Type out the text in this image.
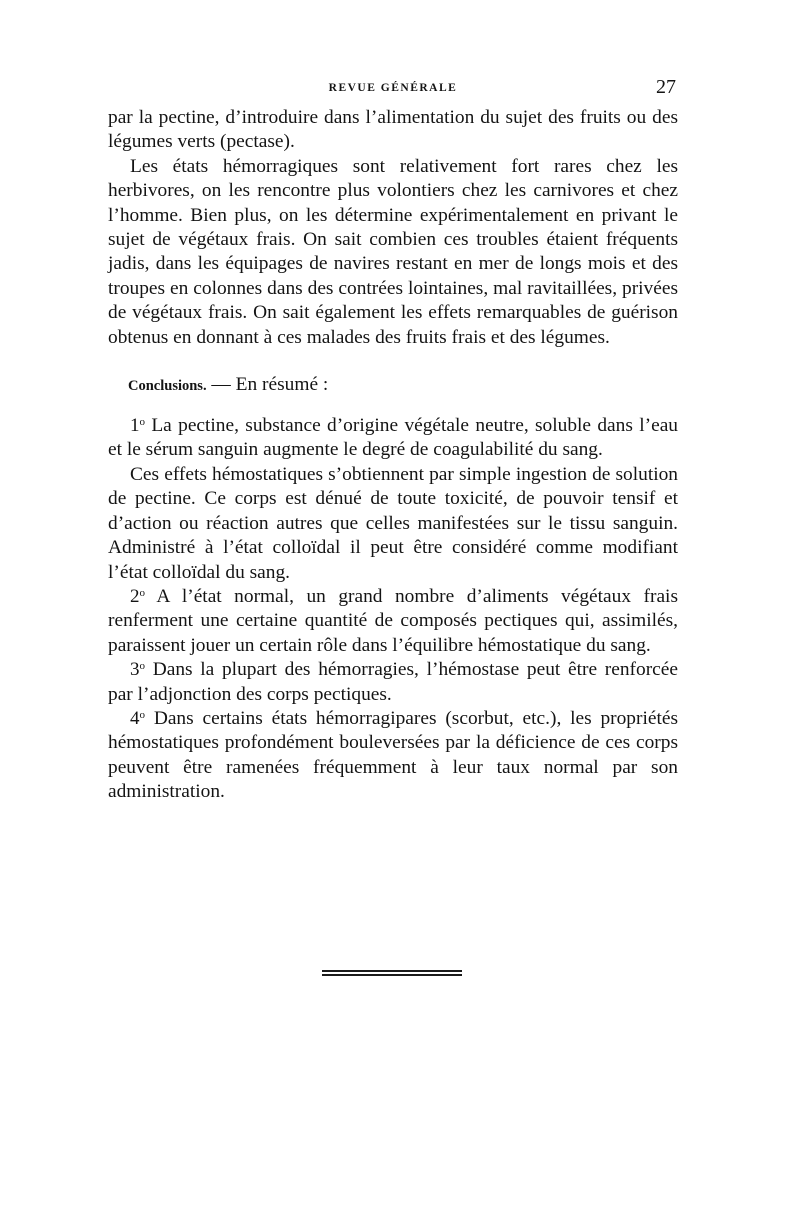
REVUE GÉNÉRALE	27

par la pectine, d’introduire dans l’alimentation du sujet des fruits ou des légumes verts (pectase).

Les états hémorragiques sont relativement fort rares chez les herbivores, on les rencontre plus volontiers chez les carnivores et chez l’homme. Bien plus, on les détermine expérimentalement en privant le sujet de végétaux frais. On sait combien ces troubles étaient fréquents jadis, dans les équipages de navires restant en mer de longs mois et des troupes en colonnes dans des contrées lointaines, mal ravitaillées, privées de végétaux frais. On sait également les effets remarquables de guérison obtenus en donnant à ces malades des fruits frais et des légumes.

Conclusions. — En résumé :

1$^o$ La pectine, substance d’origine végétale neutre, soluble dans l’eau et le sérum sanguin augmente le degré de coagulabilité du sang.

Ces effets hémostatiques s’obtiennent par simple ingestion de solution de pectine. Ce corps est dénué de toute toxicité, de pouvoir tensif et d’action ou réaction autres que celles manifestées sur le tissu sanguin. Administré à l’état colloïdal il peut être considéré comme modifiant l’état colloïdal du sang.

2$^o$ A l’état normal, un grand nombre d’aliments végétaux frais renferment une certaine quantité de composés pectiques qui, assimilés, paraissent jouer un certain rôle dans l’équilibre hémostatique du sang.

3$^o$ Dans la plupart des hémorragies, l’hémostase peut être renforcée par l’adjonction des corps pectiques.

4$^o$ Dans certains états hémorragipares (scorbut, etc.), les propriétés hémostatiques profondément bouleversées par la déficience de ces corps peuvent être ramenées fréquemment à leur taux normal par son administration.
